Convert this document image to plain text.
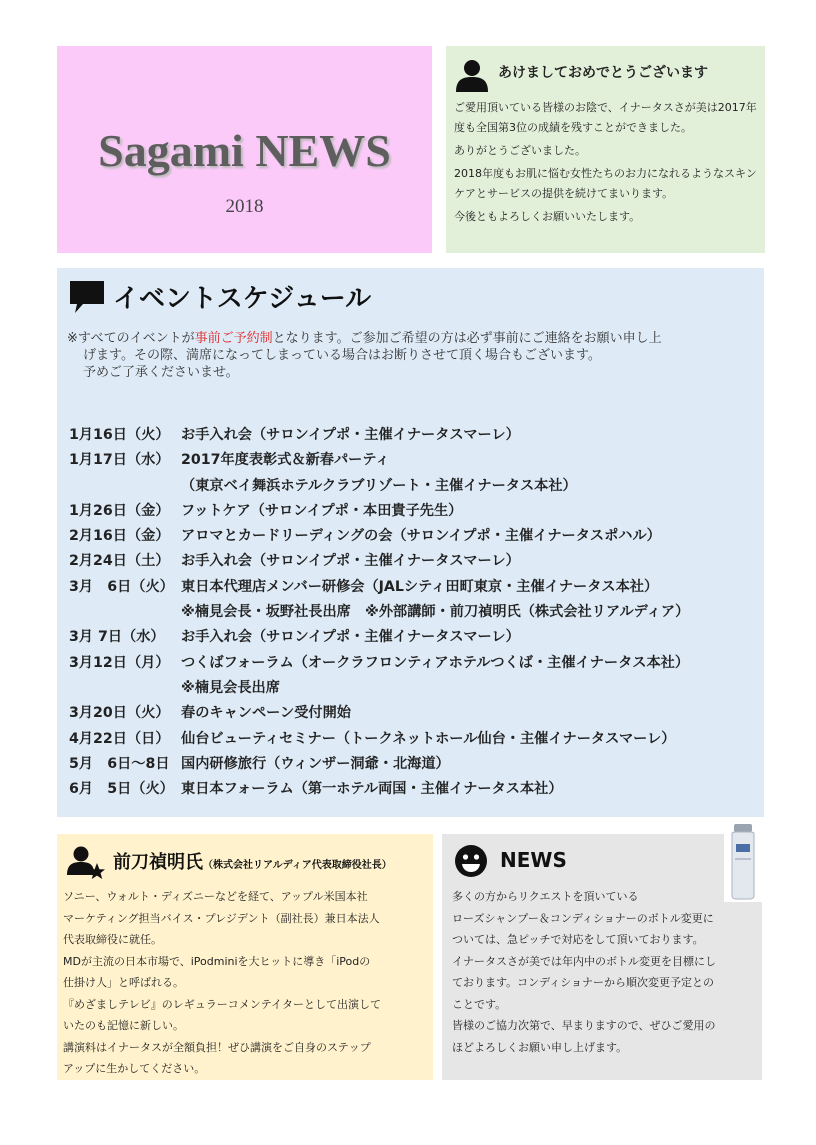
Sagami NEWS
2018
あけましておめでとうございます

ご愛用頂いている皆様のお陰で、イナータスさが美は2017年度も全国第3位の成績を残すことができました。

ありがとうございました。

2018年度もお肌に悩む女性たちのお力になれるようなスキンケアとサービスの提供を続けてまいります。

今後ともよろしくお願いいたします。

イベントスケジュール
※すべてのイベントが事前ご予約制となります。ご参加ご希望の方は必ず事前にご連絡をお願い申し上
げます。その際、満席になってしまっている場合はお断りさせて頂く場合もございます。
予めご了承くださいませ。
1月16日（火） お手入れ会（サロンイプポ・主催イナータスマーレ）
1月17日（水） 2017年度表彰式＆新春パーティ
（東京ベイ舞浜ホテルクラブリゾート・主催イナータス本社）
1月26日（金） フットケア（サロンイプポ・本田貴子先生）
2月16日（金） アロマとカードリーディングの会（サロンイプポ・主催イナータスポハル）
2月24日（土） お手入れ会（サロンイプポ・主催イナータスマーレ）
3月　6日（火） 東日本代理店メンバー研修会（JALシティ田町東京・主催イナータス本社）
※楠見会長・坂野社長出席　※外部講師・前刀禎明氏（株式会社リアルディア）
3月 7日（水） お手入れ会（サロンイプポ・主催イナータスマーレ）
3月12日（月） つくばフォーラム（オークラフロンティアホテルつくば・主催イナータス本社）
※楠見会長出席
3月20日（火） 春のキャンペーン受付開始
4月22日（日） 仙台ビューティセミナー（トークネットホール仙台・主催イナータスマーレ）
5月　6日〜8日 国内研修旅行（ウィンザー洞爺・北海道）
6月　5日（火） 東日本フォーラム（第一ホテル両国・主催イナータス本社）
前刀禎明氏（株式会社リアルディア代表取締役社長）

ソニー、ウォルト・ディズニーなどを経て、アップル米国本社

マーケティング担当バイス・プレジデント（副社長）兼日本法人

代表取締役に就任。

MDが主流の日本市場で、iPodminiを大ヒットに導き「iPodの

仕掛け人」と呼ばれる。

『めざましテレビ』のレギュラーコメンテイターとして出演して

いたのも記憶に新しい。

講演料はイナータスが全額負担！ぜひ講演をご自身のステップ

アップに生かしてください。

NEWS

多くの方からリクエストを頂いている

ローズシャンプー＆コンディショナーのボトル変更に

ついては、急ピッチで対応をして頂いております。

イナータスさが美では年内中のボトル変更を目標にし

ております。コンディショナーから順次変更予定との

ことです。

皆様のご協力次第で、早まりますので、ぜひご愛用の

ほどよろしくお願い申し上げます。
